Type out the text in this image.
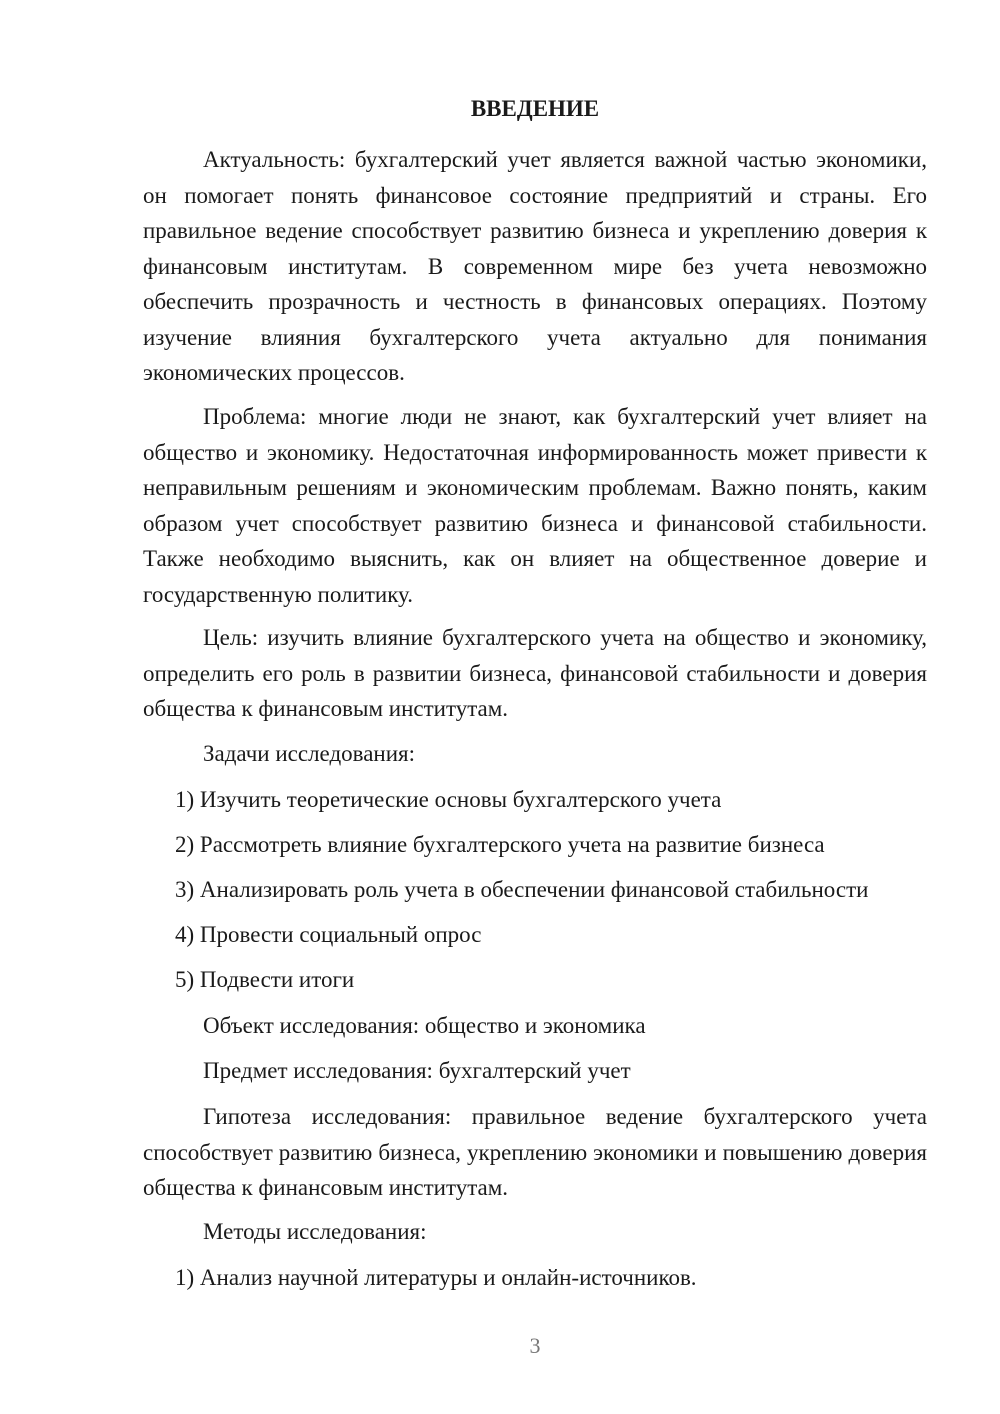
ВВЕДЕНИЕ

Актуальность: бухгалтерский учет является важной частью экономики, он помогает понять финансовое состояние предприятий и страны. Его правильное ведение способствует развитию бизнеса и укреплению доверия к финансовым институтам. В современном мире без учета невозможно обеспечить прозрачность и честность в финансовых операциях. Поэтому изучение влияния бухгалтерского учета актуально для понимания экономических процессов.

Проблема: многие люди не знают, как бухгалтерский учет влияет на общество и экономику. Недостаточная информированность может привести к неправильным решениям и экономическим проблемам. Важно понять, каким образом учет способствует развитию бизнеса и финансовой стабильности. Также необходимо выяснить, как он влияет на общественное доверие и государственную политику.

Цель: изучить влияние бухгалтерского учета на общество и экономику, определить его роль в развитии бизнеса, финансовой стабильности и доверия общества к финансовым институтам.

Задачи исследования:
1) Изучить теоретические основы бухгалтерского учета
2) Рассмотреть влияние бухгалтерского учета на развитие бизнеса
3) Анализировать роль учета в обеспечении финансовой стабильности
4) Провести социальный опрос
5) Подвести итоги
Объект исследования: общество и экономика
Предмет исследования: бухгалтерский учет

Гипотеза исследования: правильное ведение бухгалтерского учета способствует развитию бизнеса, укреплению экономики и повышению доверия общества к финансовым институтам.

Методы исследования:
1) Анализ научной литературы и онлайн-источников.
3
